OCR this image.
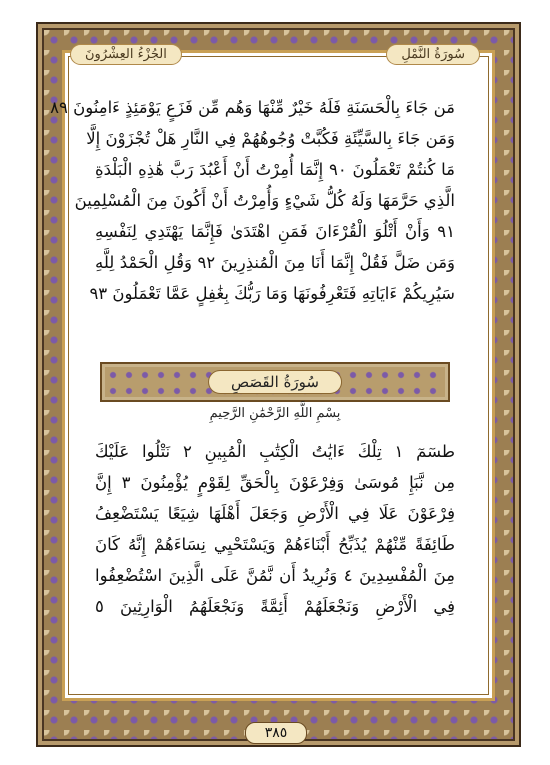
الجُزْءُ العِشْرُونَ	سُورَةُ النَّمْلِ
مَن جَاءَ بِالْحَسَنَةِ فَلَهُ خَيْرٌ مِّنْهَا وَهُم مِّن فَزَعٍ يَوْمَئِذٍ ءَامِنُونَ ٨٩
وَمَن جَاءَ بِالسَّيِّئَةِ فَكُبَّتْ وُجُوهُهُمْ فِي النَّارِ هَلْ تُجْزَوْنَ إِلَّا
مَا كُنتُمْ تَعْمَلُونَ ٩٠ إِنَّمَا أُمِرْتُ أَنْ أَعْبُدَ رَبَّ هَٰذِهِ الْبَلْدَةِ
الَّذِي حَرَّمَهَا وَلَهُ كُلُّ شَيْءٍ وَأُمِرْتُ أَنْ أَكُونَ مِنَ الْمُسْلِمِينَ
٩١ وَأَنْ أَتْلُوَ الْقُرْءَانَ فَمَنِ اهْتَدَىٰ فَإِنَّمَا يَهْتَدِي لِنَفْسِهِ
وَمَن ضَلَّ فَقُلْ إِنَّمَا أَنَا مِنَ الْمُنذِرِينَ ٩٢ وَقُلِ الْحَمْدُ لِلَّهِ
سَيُرِيكُمْ ءَايَاتِهِ فَتَعْرِفُونَهَا وَمَا رَبُّكَ بِغَٰفِلٍ عَمَّا تَعْمَلُونَ ٩٣
سُورَةُ القَصَصِ
بِسْمِ اللَّهِ الرَّحْمَٰنِ الرَّحِيمِ
طسٓمٓ ١ تِلْكَ ءَايَٰتُ الْكِتَٰبِ الْمُبِينِ ٢ نَتْلُوا عَلَيْكَ
مِن نَّبَإِ مُوسَىٰ وَفِرْعَوْنَ بِالْحَقِّ لِقَوْمٍ يُؤْمِنُونَ ٣ إِنَّ
فِرْعَوْنَ عَلَا فِي الْأَرْضِ وَجَعَلَ أَهْلَهَا شِيَعًا يَسْتَضْعِفُ
طَائِفَةً مِّنْهُمْ يُذَبِّحُ أَبْنَاءَهُمْ وَيَسْتَحْيِي نِسَاءَهُمْ إِنَّهُ كَانَ
مِنَ الْمُفْسِدِينَ ٤ وَنُرِيدُ أَن نَّمُنَّ عَلَى الَّذِينَ اسْتُضْعِفُوا
فِي الْأَرْضِ وَنَجْعَلَهُمْ أَئِمَّةً وَنَجْعَلَهُمُ الْوَارِثِينَ ٥
٣٨٥
